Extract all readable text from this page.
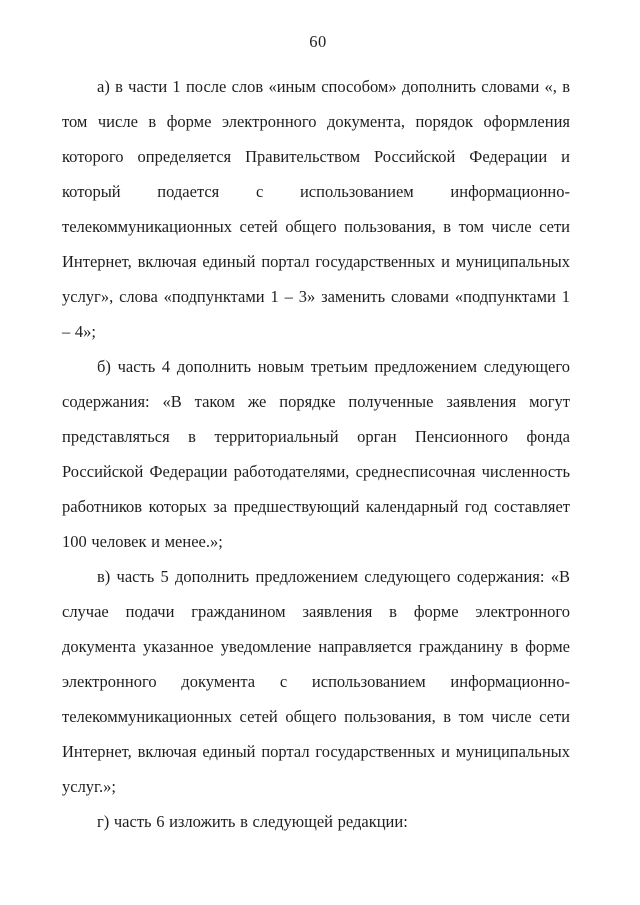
60

а) в части 1 после слов «иным способом» дополнить словами «, в том числе в форме электронного документа, порядок оформления которого определяется Правительством Российской Федерации и который подается с использованием информационно-телекоммуникационных сетей общего пользования, в том числе сети Интернет, включая единый портал государственных и муниципальных услуг», слова «подпунктами 1 – 3» заменить словами «подпунктами 1 – 4»;

б) часть 4 дополнить новым третьим предложением следующего содержания: «В таком же порядке полученные заявления могут представляться в территориальный орган Пенсионного фонда Российской Федерации работодателями, среднесписочная численность работников которых за предшествующий календарный год составляет 100 человек и менее.»;

в) часть 5 дополнить предложением следующего содержания: «В случае подачи гражданином заявления в форме электронного документа указанное уведомление направляется гражданину в форме электронного документа с использованием информационно-телекоммуникационных сетей общего пользования, в том числе сети Интернет, включая единый портал государственных и муниципальных услуг.»;

г) часть 6 изложить в следующей редакции:
